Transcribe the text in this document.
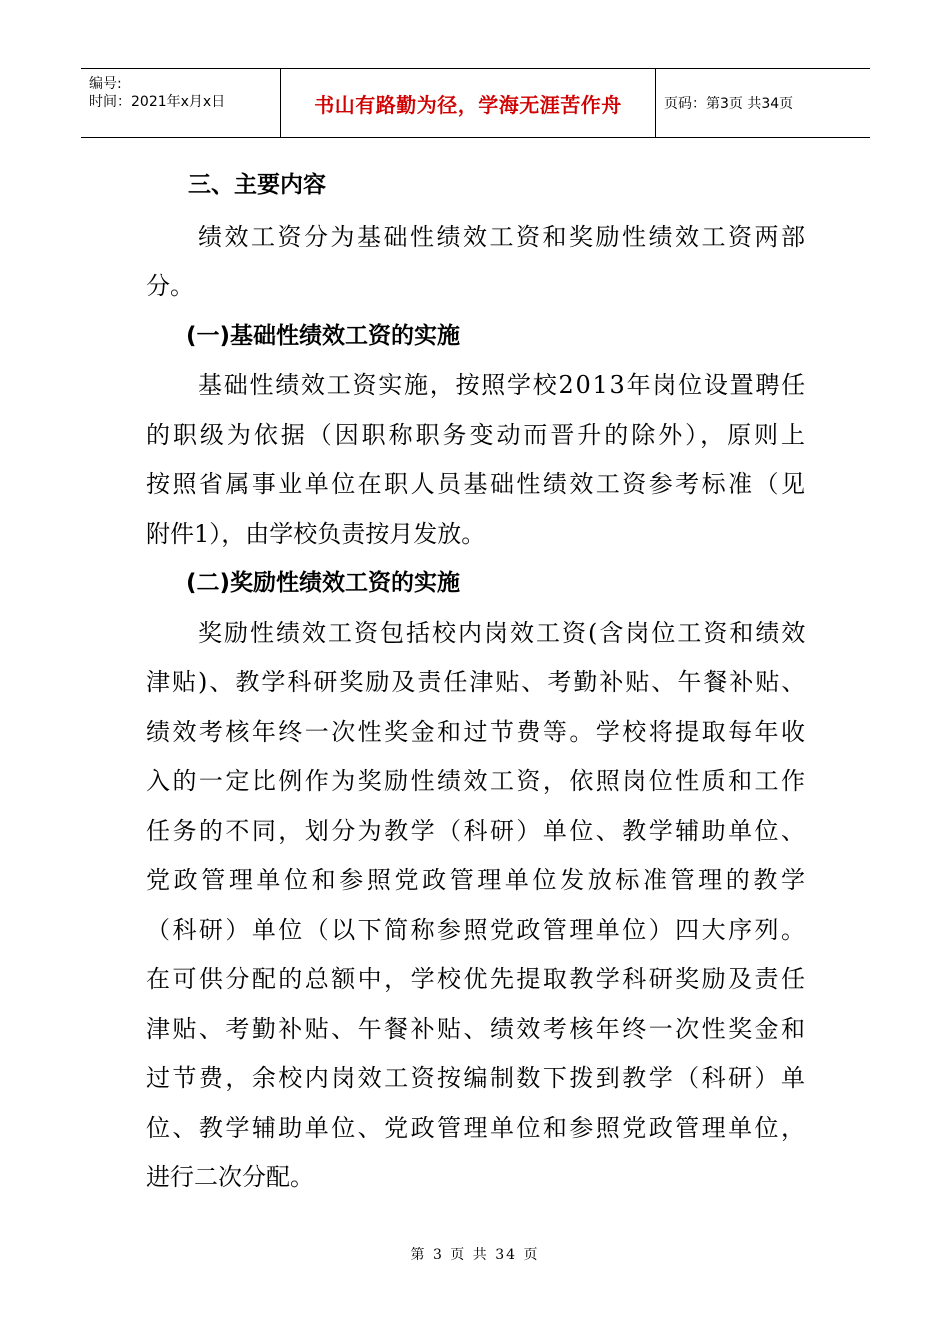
编号:
时间：2021年x月x日	书山有路勤为径，学海无涯苦作舟	页码：第3页 共34页
三、主要内容
绩效工资分为基础性绩效工资和奖励性绩效工资两部
分。
(一)基础性绩效工资的实施
基础性绩效工资实施，按照学校2013年岗位设置聘任
的职级为依据（因职称职务变动而晋升的除外），原则上
按照省属事业单位在职人员基础性绩效工资参考标准（见
附件1），由学校负责按月发放。
(二)奖励性绩效工资的实施
奖励性绩效工资包括校内岗效工资(含岗位工资和绩效
津贴)、教学科研奖励及责任津贴、考勤补贴、午餐补贴、
绩效考核年终一次性奖金和过节费等。学校将提取每年收
入的一定比例作为奖励性绩效工资，依照岗位性质和工作
任务的不同，划分为教学（科研）单位、教学辅助单位、
党政管理单位和参照党政管理单位发放标准管理的教学
（科研）单位（以下简称参照党政管理单位）四大序列。
在可供分配的总额中，学校优先提取教学科研奖励及责任
津贴、考勤补贴、午餐补贴、绩效考核年终一次性奖金和
过节费，余校内岗效工资按编制数下拨到教学（科研）单
位、教学辅助单位、党政管理单位和参照党政管理单位，
进行二次分配。
第 3 页 共 34 页
